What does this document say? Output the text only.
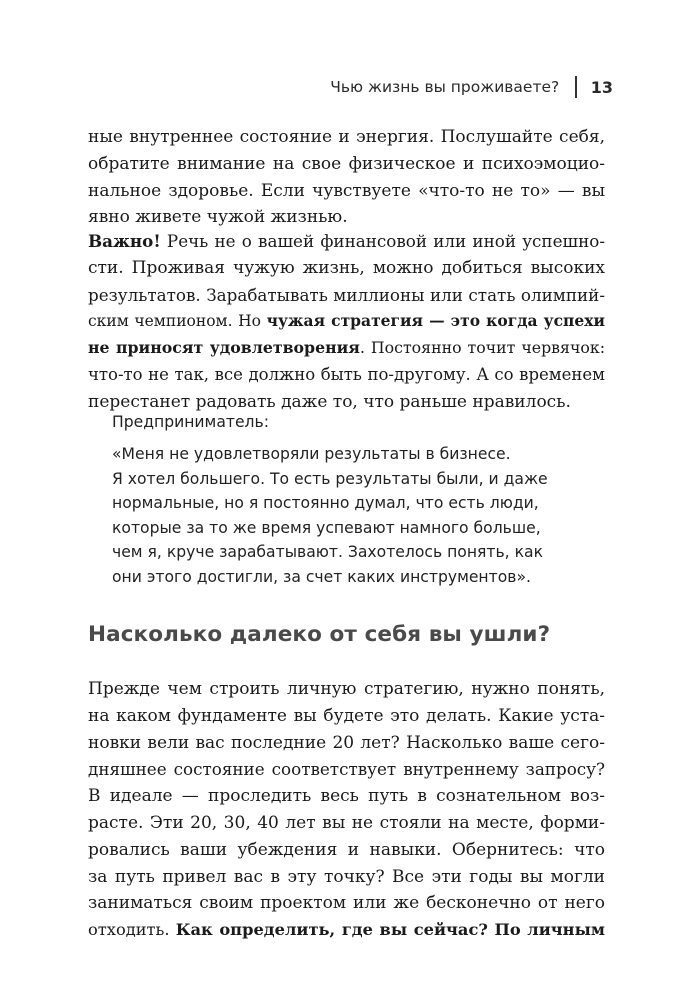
Чью жизнь вы проживаете? 13
ные внутреннее состояние и энергия. Послушайте себя,
обратите внимание на свое физическое и психоэмоцио-
нальное здоровье. Если чувствуете «что-то не то» — вы
явно живете чужой жизнью.
Важно! Речь не о вашей финансовой или иной успешно-
сти. Проживая чужую жизнь, можно добиться высоких
результатов. Зарабатывать миллионы или стать олимпий-
ским чемпионом. Но чужая стратегия — это когда успехи
не приносят удовлетворения. Постоянно точит червячок:
что-то не так, все должно быть по-другому. А со временем
перестанет радовать даже то, что раньше нравилось.
Предприниматель:
«Меня не удовлетворяли результаты в бизнесе.
Я хотел большего. То есть результаты были, и даже
нормальные, но я постоянно думал, что есть люди,
которые за то же время успевают намного больше,
чем я, круче зарабатывают. Захотелось понять, как
они этого достигли, за счет каких инструментов».
Насколько далеко от себя вы ушли?
Прежде чем строить личную стратегию, нужно понять,
на каком фундаменте вы будете это делать. Какие уста-
новки вели вас последние 20 лет? Насколько ваше сего-
дняшнее состояние соответствует внутреннему запросу?
В идеале — проследить весь путь в сознательном воз-
расте. Эти 20, 30, 40 лет вы не стояли на месте, форми-
ровались ваши убеждения и навыки. Обернитесь: что
за путь привел вас в эту точку? Все эти годы вы могли
заниматься своим проектом или же бесконечно от него
отходить. Как определить, где вы сейчас? По личным
